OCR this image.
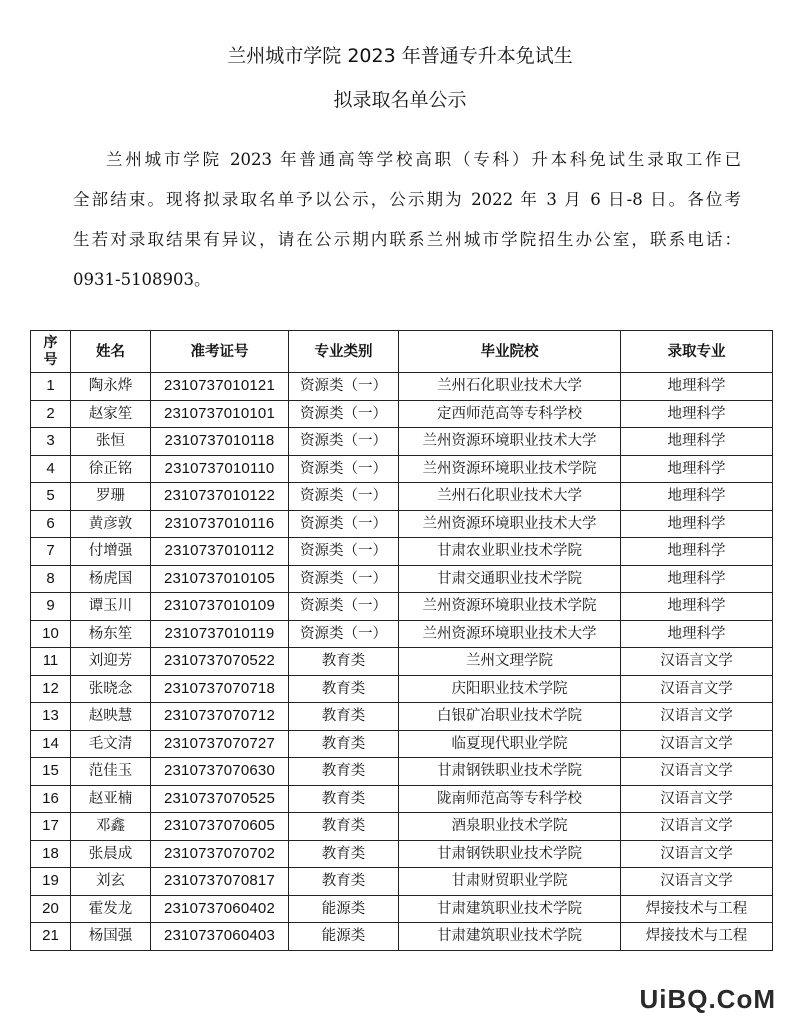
兰州城市学院 2023 年普通专升本免试生
拟录取名单公示
兰州城市学院 2023 年普通高等学校高职（专科）升本科免试生录取工作已
全部结束。现将拟录取名单予以公示，公示期为 2022 年 3 月 6 日-8 日。各位考
生若对录取结果有异议，请在公示期内联系兰州城市学院招生办公室，联系电话：
0931-5108903。
序
号	姓名	准考证号	专业类别	毕业院校	录取专业
1	陶永烨	2310737010121	资源类（一）	兰州石化职业技术大学	地理科学
2	赵家笙	2310737010101	资源类（一）	定西师范高等专科学校	地理科学
3	张恒	2310737010118	资源类（一）	兰州资源环境职业技术大学	地理科学
4	徐正铭	2310737010110	资源类（一）	兰州资源环境职业技术学院	地理科学
5	罗珊	2310737010122	资源类（一）	兰州石化职业技术大学	地理科学
6	黄彦敦	2310737010116	资源类（一）	兰州资源环境职业技术大学	地理科学
7	付增强	2310737010112	资源类（一）	甘肃农业职业技术学院	地理科学
8	杨虎国	2310737010105	资源类（一）	甘肃交通职业技术学院	地理科学
9	谭玉川	2310737010109	资源类（一）	兰州资源环境职业技术学院	地理科学
10	杨东笙	2310737010119	资源类（一）	兰州资源环境职业技术大学	地理科学
11	刘迎芳	2310737070522	教育类	兰州文理学院	汉语言文学
12	张晓念	2310737070718	教育类	庆阳职业技术学院	汉语言文学
13	赵映慧	2310737070712	教育类	白银矿冶职业技术学院	汉语言文学
14	毛文清	2310737070727	教育类	临夏现代职业学院	汉语言文学
15	范佳玉	2310737070630	教育类	甘肃钢铁职业技术学院	汉语言文学
16	赵亚楠	2310737070525	教育类	陇南师范高等专科学校	汉语言文学
17	邓鑫	2310737070605	教育类	酒泉职业技术学院	汉语言文学
18	张晨成	2310737070702	教育类	甘肃钢铁职业技术学院	汉语言文学
19	刘玄	2310737070817	教育类	甘肃财贸职业学院	汉语言文学
20	霍发龙	2310737060402	能源类	甘肃建筑职业技术学院	焊接技术与工程
21	杨国强	2310737060403	能源类	甘肃建筑职业技术学院	焊接技术与工程
UiBQ.CoM
